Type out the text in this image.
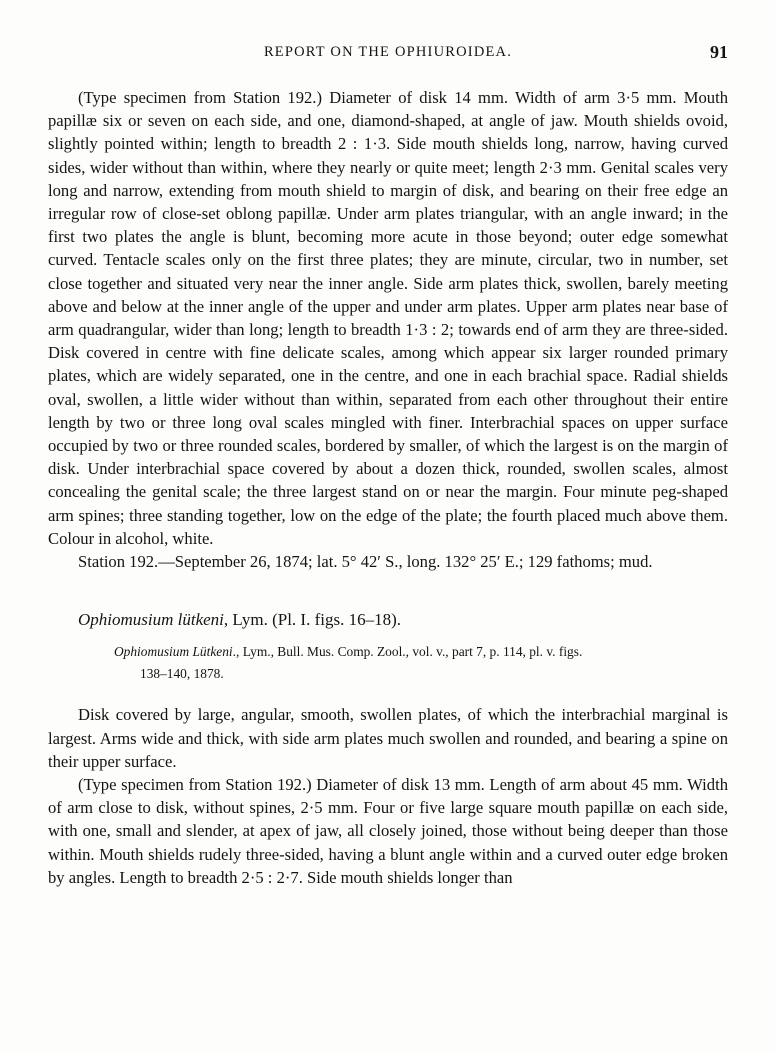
REPORT ON THE OPHIUROIDEA.	91

(Type specimen from Station 192.) Diameter of disk 14 mm. Width of arm 3·5 mm. Mouth papillæ six or seven on each side, and one, diamond-shaped, at angle of jaw. Mouth shields ovoid, slightly pointed within; length to breadth 2 : 1·3. Side mouth shields long, narrow, having curved sides, wider without than within, where they nearly or quite meet; length 2·3 mm. Genital scales very long and narrow, extending from mouth shield to margin of disk, and bearing on their free edge an irregular row of close-set oblong papillæ. Under arm plates triangular, with an angle inward; in the first two plates the angle is blunt, becoming more acute in those beyond; outer edge somewhat curved. Tentacle scales only on the first three plates; they are minute, circular, two in number, set close together and situated very near the inner angle. Side arm plates thick, swollen, barely meeting above and below at the inner angle of the upper and under arm plates. Upper arm plates near base of arm quadrangular, wider than long; length to breadth 1·3 : 2; towards end of arm they are three-sided. Disk covered in centre with fine delicate scales, among which appear six larger rounded primary plates, which are widely separated, one in the centre, and one in each brachial space. Radial shields oval, swollen, a little wider without than within, separated from each other throughout their entire length by two or three long oval scales mingled with finer. Interbrachial spaces on upper surface occupied by two or three rounded scales, bordered by smaller, of which the largest is on the margin of disk. Under interbrachial space covered by about a dozen thick, rounded, swollen scales, almost concealing the genital scale; the three largest stand on or near the margin. Four minute peg-shaped arm spines; three standing together, low on the edge of the plate; the fourth placed much above them. Colour in alcohol, white.

Station 192.—September 26, 1874; lat. 5° 42′ S., long. 132° 25′ E.; 129 fathoms; mud.

Ophiomusium lütkeni, Lym. (Pl. I. figs. 16–18).

Ophiomusium Lütkeni., Lym., Bull. Mus. Comp. Zool., vol. v., part 7, p. 114, pl. v. figs.
138–140, 1878.

Disk covered by large, angular, smooth, swollen plates, of which the interbrachial marginal is largest. Arms wide and thick, with side arm plates much swollen and rounded, and bearing a spine on their upper surface.

(Type specimen from Station 192.) Diameter of disk 13 mm. Length of arm about 45 mm. Width of arm close to disk, without spines, 2·5 mm. Four or five large square mouth papillæ on each side, with one, small and slender, at apex of jaw, all closely joined, those without being deeper than those within. Mouth shields rudely three-sided, having a blunt angle within and a curved outer edge broken by angles. Length to breadth 2·5 : 2·7. Side mouth shields longer than
